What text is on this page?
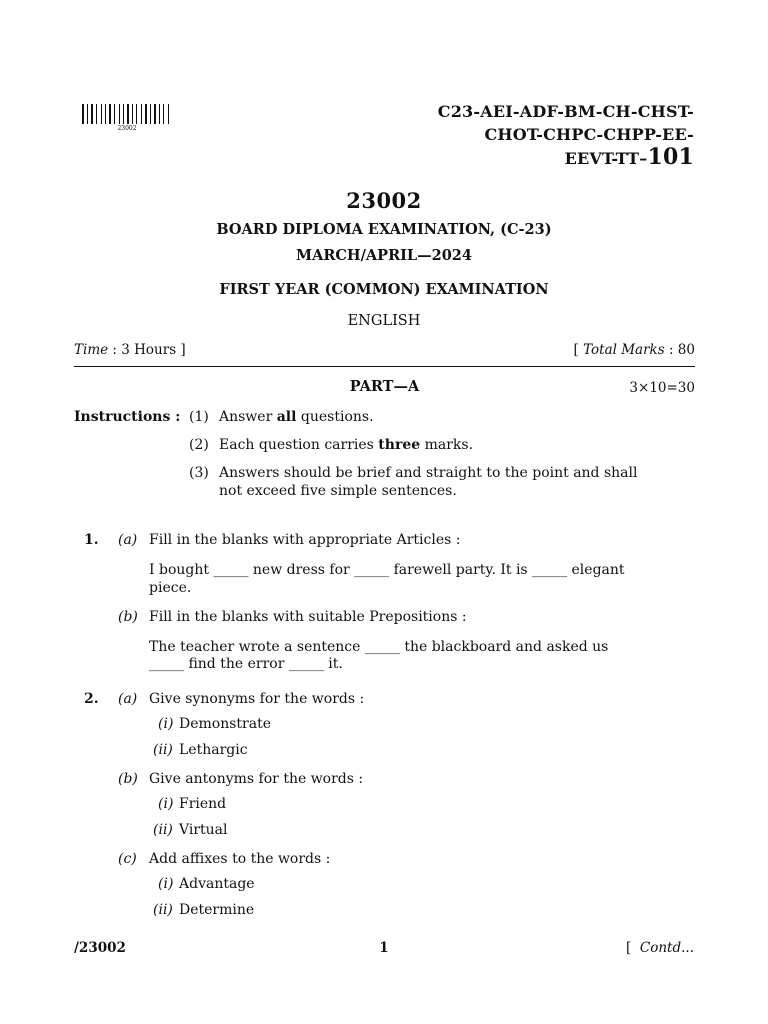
23002
C23-AEI-ADF-BM-CH-CHST-
CHOT-CHPC-CHPP-EE-
EEVT-TT–101
23002
BOARD DIPLOMA EXAMINATION, (C-23)
MARCH/APRIL—2024
FIRST YEAR (COMMON) EXAMINATION
ENGLISH
Time : 3 Hours ]	[ Total Marks : 80
PART—A	3×10=30
Instructions : (1) Answer all questions.
(2) Each question carries three marks.
(3) Answers should be brief and straight to the point and shall
not exceed five simple sentences.
1. (a) Fill in the blanks with appropriate Articles :
I bought _____ new dress for _____ farewell party. It is _____ elegant
piece.
(b) Fill in the blanks with suitable Prepositions :
The teacher wrote a sentence _____ the blackboard and asked us
_____ find the error _____ it.
2. (a) Give synonyms for the words :
(i) Demonstrate
(ii) Lethargic
(b) Give antonyms for the words :
(i) Friend
(ii) Virtual
(c) Add affixes to the words :
(i) Advantage
(ii) Determine
/23002	1	[ Contd...
